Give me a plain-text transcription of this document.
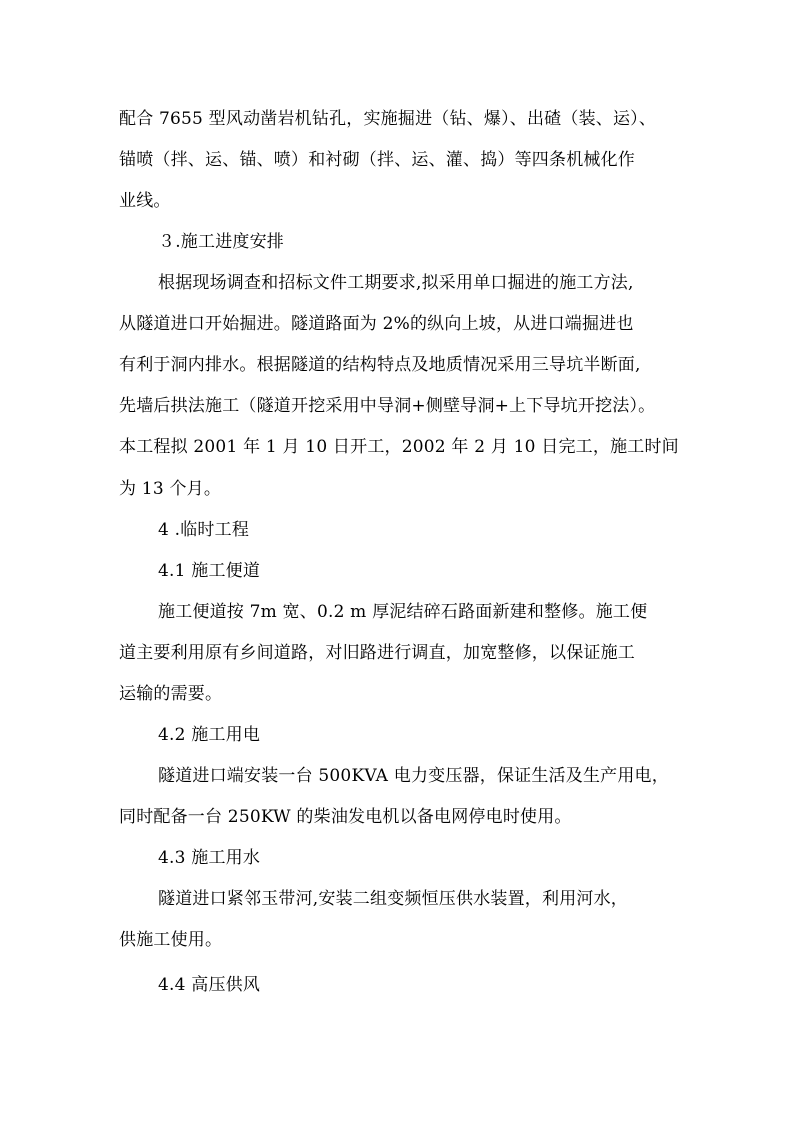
配合 7655 型风动凿岩机钻孔，实施掘进（钻、爆）、出碴（装、运）、
锚喷（拌、运、锚、喷）和衬砌（拌、运、灌、捣）等四条机械化作
业线。
３.施工进度安排
根据现场调查和招标文件工期要求,拟采用单口掘进的施工方法,
从隧道进口开始掘进。隧道路面为 2%的纵向上坡，从进口端掘进也
有利于洞内排水。根据隧道的结构特点及地质情况采用三导坑半断面,
先墙后拱法施工（隧道开挖采用中导洞+侧壁导洞+上下导坑开挖法）。
本工程拟 2001 年 1 月 10 日开工，2002 年 2 月 10 日完工，施工时间
为 13 个月。
4 .临时工程
4.1 施工便道
施工便道按 7m 宽、0.2 m 厚泥结碎石路面新建和整修。施工便
道主要利用原有乡间道路，对旧路进行调直，加宽整修，以保证施工
运输的需要。
4.2 施工用电
隧道进口端安装一台 500KVA 电力变压器，保证生活及生产用电，
同时配备一台 250KW 的柴油发电机以备电网停电时使用。
4.3 施工用水
隧道进口紧邻玉带河,安装二组变频恒压供水装置，利用河水，
供施工使用。
4.4 高压供风
